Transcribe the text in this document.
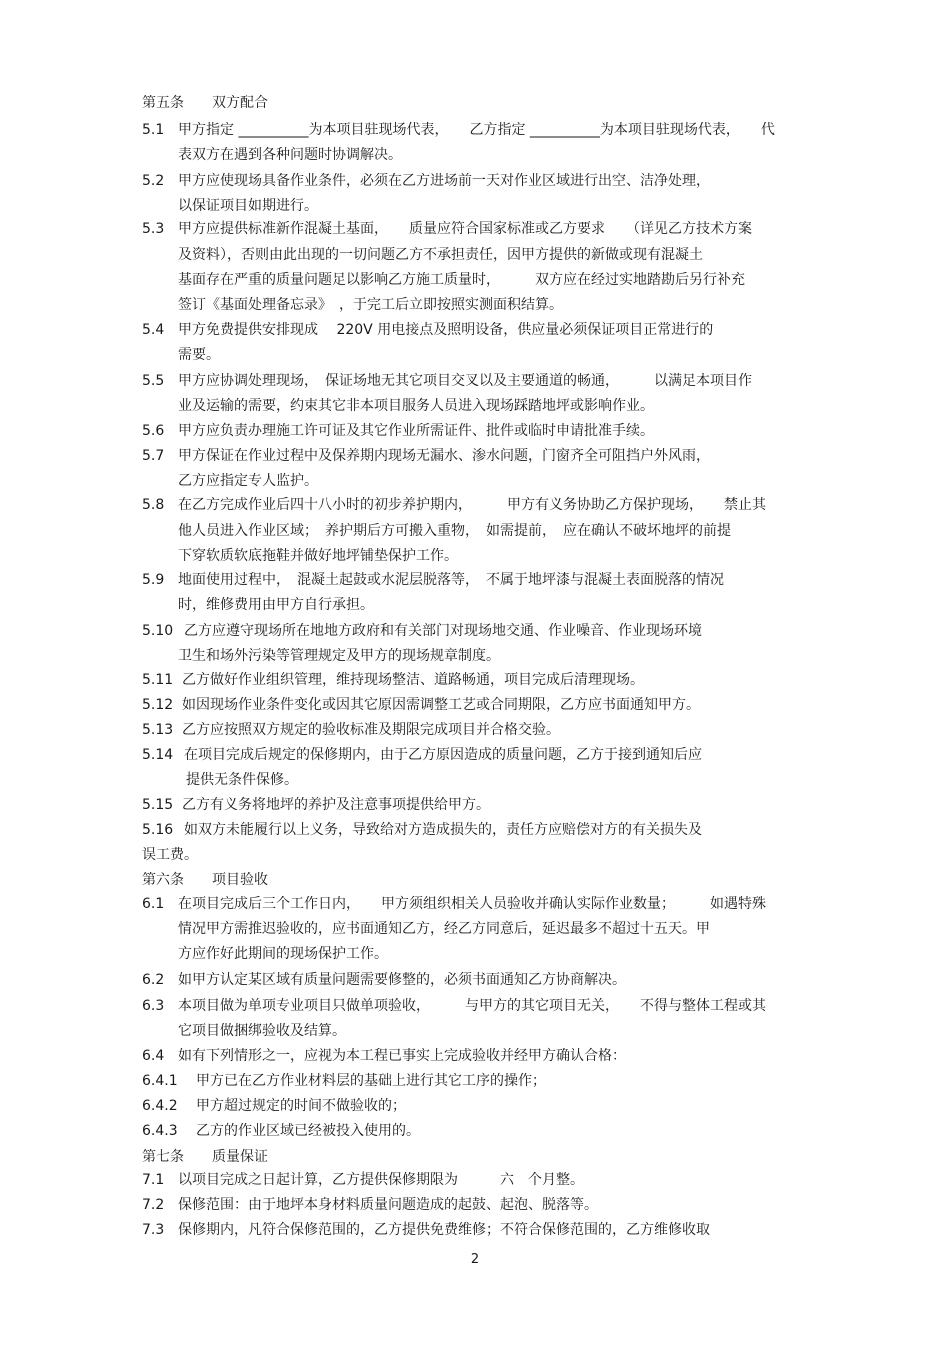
第五条　　双方配合
5.1 甲方指定 __________为本项目驻现场代表，　　乙方指定 __________为本项目驻现场代表，　　代
表双方在遇到各种问题时协调解决。
5.2 甲方应使现场具备作业条件，必须在乙方进场前一天对作业区域进行出空、洁净处理，
以保证项目如期进行。
5.3 甲方应提供标准新作混凝土基面，　　质量应符合国家标准或乙方要求　　（详见乙方技术方案
及资料），否则由此出现的一切问题乙方不承担责任，因甲方提供的新做或现有混凝土
基面存在严重的质量问题足以影响乙方施工质量时，　　　双方应在经过实地踏勘后另行补充
签订《基面处理备忘录》　，于完工后立即按照实测面积结算。
5.4 甲方免费提供安排现成　 220V 用电接点及照明设备，供应量必须保证项目正常进行的
需要。
5.5 甲方应协调处理现场，　保证场地无其它项目交叉以及主要通道的畅通，　　　以满足本项目作
业及运输的需要，约束其它非本项目服务人员进入现场踩踏地坪或影响作业。
5.6 甲方应负责办理施工许可证及其它作业所需证件、批件或临时申请批准手续。
5.7 甲方保证在作业过程中及保养期内现场无漏水、渗水问题，门窗齐全可阻挡户外风雨，
乙方应指定专人监护。
5.8 在乙方完成作业后四十八小时的初步养护期内，　　　甲方有义务协助乙方保护现场，　　禁止其
他人员进入作业区域；　养护期后方可搬入重物，　如需提前，　应在确认不破坏地坪的前提
下穿软质软底拖鞋并做好地坪铺垫保护工作。
5.9 地面使用过程中，　混凝土起鼓或水泥层脱落等，　不属于地坪漆与混凝土表面脱落的情况
时，维修费用由甲方自行承担。
5.10 乙方应遵守现场所在地地方政府和有关部门对现场地交通、作业噪音、作业现场环境
卫生和场外污染等管理规定及甲方的现场规章制度。
5.11 乙方做好作业组织管理，维持现场整洁、道路畅通，项目完成后清理现场。
5.12 如因现场作业条件变化或因其它原因需调整工艺或合同期限，乙方应书面通知甲方。
5.13 乙方应按照双方规定的验收标准及期限完成项目并合格交验。
5.14 在项目完成后规定的保修期内，由于乙方原因造成的质量问题，乙方于接到通知后应
提供无条件保修。
5.15 乙方有义务将地坪的养护及注意事项提供给甲方。
5.16 如双方未能履行以上义务，导致给对方造成损失的，责任方应赔偿对方的有关损失及
误工费。
第六条　　项目验收
6.1 在项目完成后三个工作日内，　　甲方须组织相关人员验收并确认实际作业数量；　　　如遇特殊
情况甲方需推迟验收的，应书面通知乙方，经乙方同意后，延迟最多不超过十五天。甲
方应作好此期间的现场保护工作。
6.2 如甲方认定某区域有质量问题需要修整的，必须书面通知乙方协商解决。
6.3 本项目做为单项专业项目只做单项验收，　　　与甲方的其它项目无关，　　不得与整体工程或其
它项目做捆绑验收及结算。
6.4 如有下列情形之一，应视为本工程已事实上完成验收并经甲方确认合格：
6.4.1 甲方已在乙方作业材料层的基础上进行其它工序的操作；
6.4.2 甲方超过规定的时间不做验收的；
6.4.3 乙方的作业区域已经被投入使用的。
第七条　　质量保证
7.1 以项目完成之日起计算，乙方提供保修期限为　　　六　个月整。
7.2 保修范围：由于地坪本身材料质量问题造成的起鼓、起泡、脱落等。
7.3 保修期内，凡符合保修范围的，乙方提供免费维修；不符合保修范围的，乙方维修收取
2
